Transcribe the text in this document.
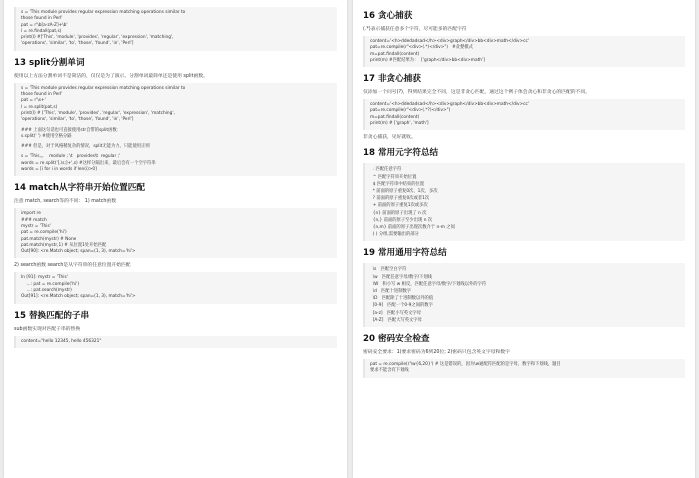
s = 'This module provides regular expression matching operations similar to
those found in Perl'
pat = r'\b[a-zA-Z]+\b'
l = re.findall(pat,s)
print(l) #['This', 'module', 'provides', 'regular', 'expression', 'matching',
'operations', 'similar', 'to', 'those', 'found', 'in', 'Perl']
13 split分割单词
使用以上方法分割单词不是简洁的，仅仅是为了演示。分割单词最简单还是使用 split函数。
s = 'This module provides regular expression matching operations similar to
those found in Perl'
pat = r'\s+'
l = re.split(pat,s)
print(l) # ['This', 'module', 'provides', 'regular', 'expression', 'matching',
'operations', 'similar', 'to', 'those', 'found', 'in', 'Perl']
### 上面这句话也可直接使用str自带的split函数：
s.split(' ') #使用空格分隔
### 但是，对于风格稍复杂的情况，split无能为力，只能使用正则
s = 'This,,,    module ; \t   provides\t  regular ;'
words = re.split('[,\s;]+',s) #这样分隔出来，最后会有一个空字符串
words = [i for i in words if len(i)>0]
14 match从字符串开始位置匹配
注意 match, search等的不同： 1) match函数
import re
### match
mystr = 'This'
pat = re.compile('hi')
pat.match(mystr) # None
pat.match(mystr,1) # 从位置1处开始匹配
Out[90]: <re.Match object; span=(1, 3), match='hi'>
2) search函数 search是从字符串的任意位置开始匹配
In [91]: mystr = 'This'
...: pat = re.compile('hi')
...: pat.search(mystr)
Out[91]: <re.Match object; span=(1, 3), match='hi'>
15 替换匹配的子串
sub函数实现对匹配子串的替换
content="hello 12345, hello 456321"
16 贪心捕获
(.*)表示捕获任意多个字符，尽可能多的匹配字符
content='<h>ddedadsad</h><div>graph</div>bb<div>math</div>cc'
pat=re.compile(r"<div>(.*)</div>")   #贪婪模式
m=pat.findall(content)
print(m) #匹配结果为：  ['graph</div>bb<div>math']
17 非贪心捕获
仅添加一个问号(?)，得到结果完全不同，这是非贪心匹配，通过这个例子体会贪心和非贪心的匹配的不同。
content='<h>ddedadsad</h><div>graph</div>bb<div>math</div>cc'
pat=re.compile(r"<div>(.*?)</div>")
m=pat.findall(content)
print(m) # ['graph', 'math']
非贪心捕获，见好就收。
18 常用元字符总结
. 匹配任意字符
^ 匹配字符串开始位置
$ 匹配字符串中结束的位置
* 前面的原子重复0次、1次、多次
? 前面的原子重复0次或者1次
+ 前面的原子重复1次或多次
{n} 前面的原子出现了 n 次
{n,} 前面的原子至少出现 n 次
{n,m} 前面的原子出现次数介于 n-m 之间
( ) 分组,需要输出的部分
19 常用通用字符总结
\s   匹配空白字符
\w   匹配任意字母/数字/下划线
\W   和小写 w 相反，匹配任意字母/数字/下划线以外的字符
\d   匹配十进制数字
\D   匹配除了十进制数以外的值
[0-9]   匹配一个0-9之间的数字
[a-z]   匹配小写英文字母
[A-Z]   匹配大写英文字母
20 密码安全检查
密码安全要求：1)要求密码为6到20位; 2)密码只包含英文字母和数字
pat = re.compile(r'\w{6,20}') # 这是错误的，因为\w通配符匹配的是字母，数字和下划线，题目
要求不能含有下划线
